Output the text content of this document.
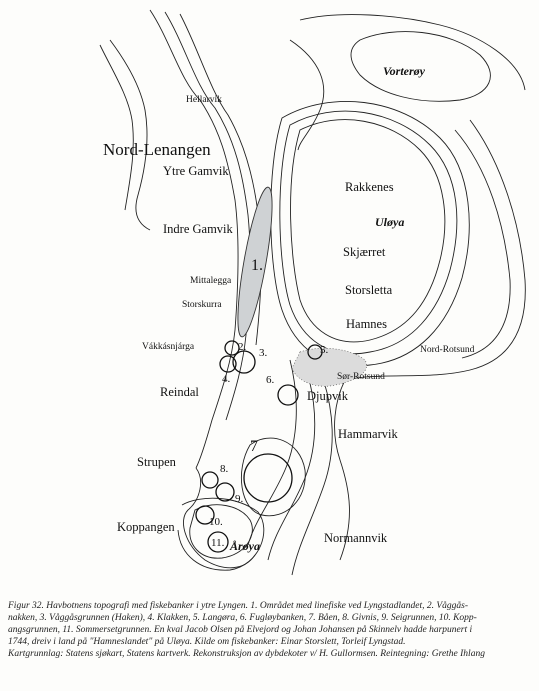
Vorterøy
Hellarvik
Nord-Lenangen
Ytre Gamvik
Rakkenes
Uløya
Indre Gamvik
Skjærret
Storsletta
Mittalegga
Storskurra
Hamnes
Vákkásnjárga	Nord-Rotsund
Sør-Rotsund
Reindal	Djupvik
Hammarvik
Strupen
Koppangen
Normannvik
Årøya
1.
2. 3.
4.
5.
6.
7
8.
9.
10.
11.

Figur 32. Havbotnens topografi med fiskebanker i ytre Lyngen. 1. Området med linefiske ved Lyngstadlandet, 2. Våggås-

nakken, 3. Våggåsgrunnen (Haken), 4. Klakken, 5. Langøra, 6. Fugløybanken, 7. Båen, 8. Givnis, 9. Seigrunnen, 10. Kopp-

angsgrunnen, 11. Sommersetgrunnen. En kval Jacob Olsen på Elvejord og Johan Johansen på Skinnelv hadde harpunert i

1744, dreiv i land på "Hamneslandet" på Uløya. Kilde om fiskebanker: Einar Storslett, Torleif Lyngstad.

Kartgrunnlag: Statens sjøkart, Statens kartverk. Rekonstruksjon av dybdekoter v/ H. Gullormsen. Reintegning: Grethe Ihlang
